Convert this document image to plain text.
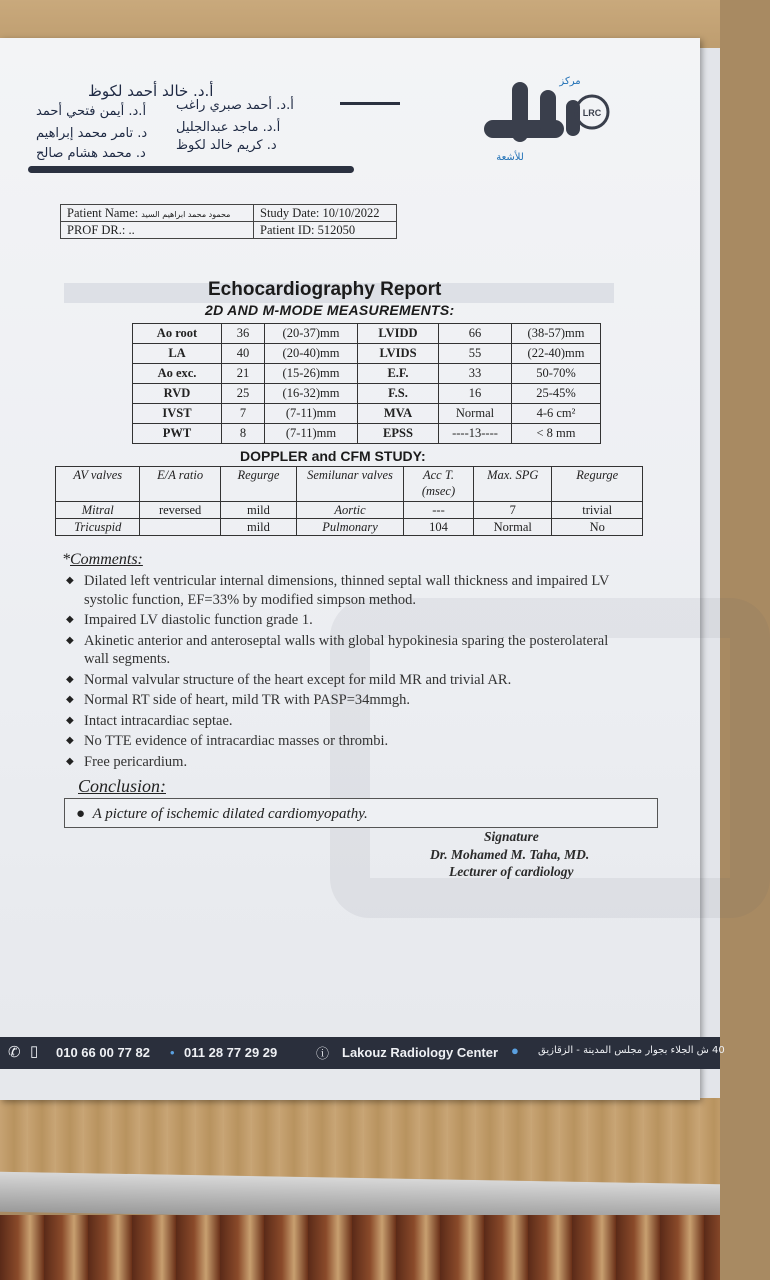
أ.د. خالد أحمد لكوظ
أ.د. أحمد صبري راغب
أ.د. أيمن فتحي أحمد
أ.د. ماجد عبدالجليل
د. تامر محمد إبراهيم
د. كريم خالد لكوظ
د. محمد هشام صالح
LRC
مركز
للأشعة
لكوظ
Patient Name: محمود محمد ابراهيم السيد	Study Date: 10/10/2022
PROF DR.: ..	Patient ID: 512050
Echocardiography Report
2D AND M-MODE MEASUREMENTS:
Ao root	36	(20-37)mm	LVIDD	66	(38-57)mm
LA	40	(20-40)mm	LVIDS	55	(22-40)mm
Ao exc.	21	(15-26)mm	E.F.	33	50-70%
RVD	25	(16-32)mm	F.S.	16	25-45%
IVST	7	(7-11)mm	MVA	Normal	4-6 cm²
PWT	8	(7-11)mm	EPSS	----13----	< 8 mm
DOPPLER and CFM STUDY:
AV valves	E/A ratio	Regurge	Semilunar valves	Acc T. (msec)	Max. SPG	Regurge
Mitral	reversed	mild	Aortic	---	7	trivial
Tricuspid		mild	Pulmonary	104	Normal	No
*Comments:
◆ Dilated left ventricular internal dimensions, thinned septal wall thickness and impaired LV systolic function, EF=33% by modified simpson method.
◆ Impaired LV diastolic function grade 1.
◆ Akinetic anterior and anteroseptal walls with global hypokinesia sparing the posterolateral wall segments.
◆ Normal valvular structure of the heart except for mild MR and trivial AR.
◆ Normal RT side of heart, mild TR with PASP=34mmgh.
◆ Intact intracardiac septae.
◆ No TTE evidence of intracardiac masses or thrombi.
◆ Free pericardium.
Conclusion:
●  A picture of ischemic dilated cardiomyopathy.
Signature
Dr. Mohamed M. Taha, MD.
Lecturer of cardiology
✆ ▯ 010 66 00 77 82 • 011 28 77 29 29	ⓘ Lakouz Radiology Center ● 40 ش الجلاء بجوار مجلس المدينة - الزقازيق
